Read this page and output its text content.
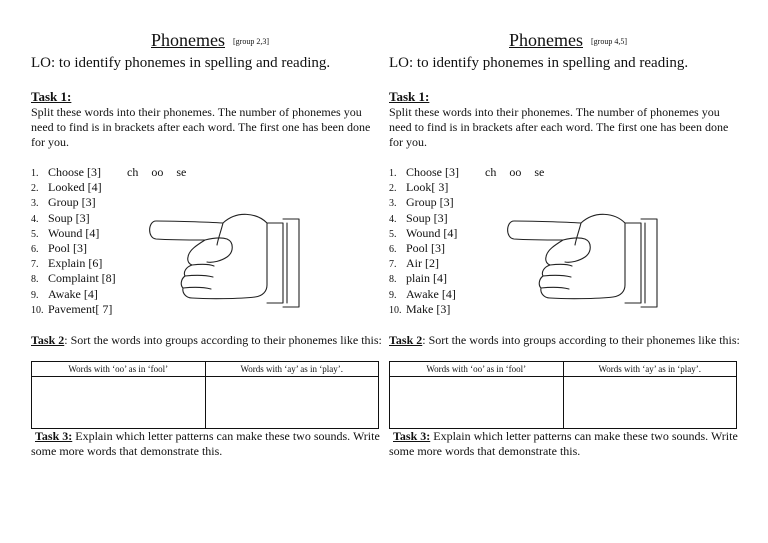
Phonemes [group 2,3]
LO: to identify phonemes in spelling and reading.
Task 1:
Split these words into their phonemes. The number of phonemes you need to find is in brackets after each word. The first one has been done for you.
1. Choose [3]
2. Looked [4]
3. Group [3]
4. Soup [3]
5. Wound [4]
6. Pool [3]
7. Explain [6]
8. Complaint [8]
9. Awake [4]
10. Pavement[ 7]
ch oo se
Task 2: Sort the words into groups according to their phonemes like this:
Words with ‘oo’ as in ‘fool’	Words with ‘ay’ as in ‘play’.

Task 3: Explain which letter patterns can make these two sounds. Write some more words that demonstrate this.
Phonemes [group 4,5]
LO: to identify phonemes in spelling and reading.
Task 1:
Split these words into their phonemes. The number of phonemes you need to find is in brackets after each word. The first one has been done for you.
1. Choose [3]
2. Look[ 3]
3. Group [3]
4. Soup [3]
5. Wound [4]
6. Pool [3]
7. Air [2]
8. plain [4]
9. Awake [4]
10. Make [3]
ch oo se
Task 2: Sort the words into groups according to their phonemes like this:
Words with ‘oo’ as in ‘fool’	Words with ‘ay’ as in ‘play’.

Task 3: Explain which letter patterns can make these two sounds. Write some more words that demonstrate this.
